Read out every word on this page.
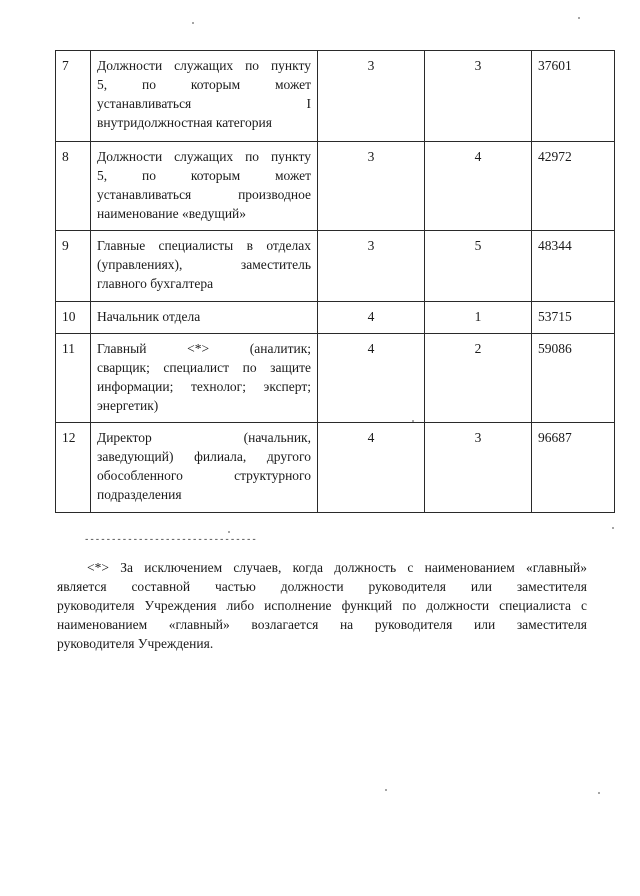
7	Должности служащих по пункту
5, по которым может
устанавливаться I
внутридолжностная категория	3	3	37601
8	Должности служащих по пункту
5, по которым может
устанавливаться производное
наименование «ведущий»	3	4	42972
9	Главные специалисты в отделах
(управлениях), заместитель
главного бухгалтера	3	5	48344
10	Начальник отдела	4	1	53715
11	Главный <*> (аналитик;
сварщик; специалист по защите
информации; технолог; эксперт;
энергетик)	4	2	59086
12	Директор (начальник,
заведующий) филиала, другого
обособленного структурного
подразделения	4	3	96687
--------------------------------
<*> За исключением случаев, когда должность с наименованием «главный»
является составной частью должности руководителя или заместителя
руководителя Учреждения либо исполнение функций по должности специалиста с
наименованием «главный» возлагается на руководителя или заместителя
руководителя Учреждения.
